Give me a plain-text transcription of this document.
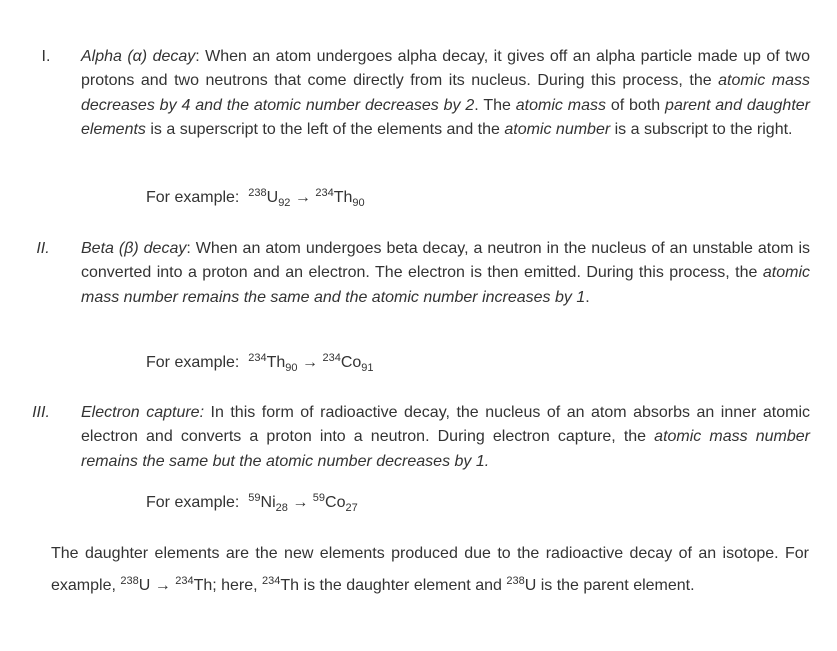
I.	Alpha (α) decay: When an atom undergoes alpha decay, it gives off an alpha particle made up of two protons and two neutrons that come directly from its nucleus. During this process, the atomic mass decreases by 4 and the atomic number decreases by 2. The atomic mass of both parent and daughter elements is a superscript to the left of the elements and the atomic number is a subscript to the right.
For example: $^{238}U_{92} \to ^{234}Th_{90}$
II.	Beta (β) decay: When an atom undergoes beta decay, a neutron in the nucleus of an unstable atom is converted into a proton and an electron. The electron is then emitted. During this process, the atomic mass number remains the same and the atomic number increases by 1.
For example: $^{234}Th_{90} \to ^{234}Co_{91}$
III.	Electron capture: In this form of radioactive decay, the nucleus of an atom absorbs an inner atomic electron and converts a proton into a neutron. During electron capture, the atomic mass number remains the same but the atomic number decreases by 1.
For example: $^{59}Ni_{28} \to ^{59}Co_{27}$
The daughter elements are the new elements produced due to the radioactive decay of an isotope. For example, $^{238}$U → $^{234}$Th; here, $^{234}$Th is the daughter element and $^{238}$U is the parent element.
